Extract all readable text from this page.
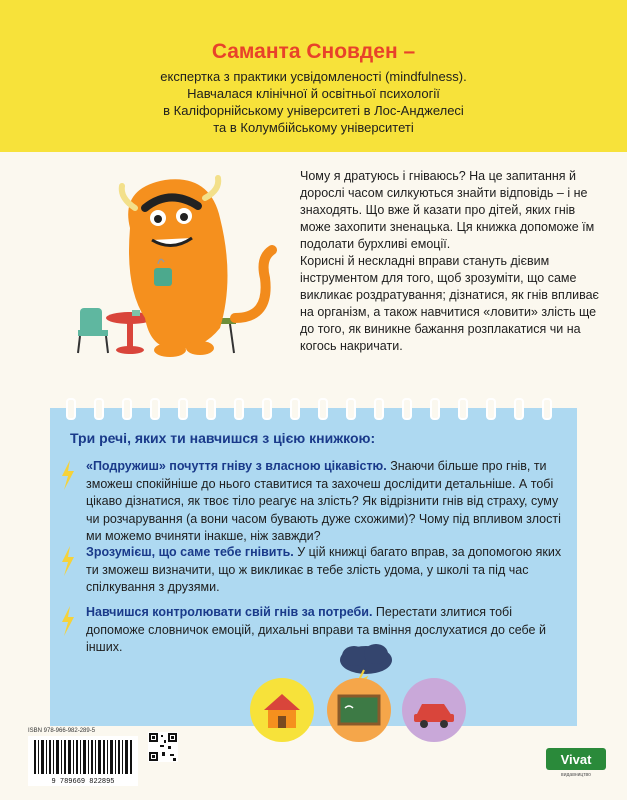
Саманта Сновден –
експертка з практики усвідомленості (mindfulness).
Навчалася клінічної й освітньої психології
в Каліфорнійському університеті в Лос-Анджелесі
та в Колумбійському університеті

Чому я дратуюсь і гніваюсь? На це запитання й дорослі часом силкуються знайти відповідь – і не знаходять. Що вже й казати про дітей, яких гнів може захопити зненацька. Ця книжка допоможе їм подолати бурхливі емоції.

Корисні й нескладні вправи стануть дієвим інструментом для того, щоб зрозуміти, що саме викликає роздратування; дізнатися, як гнів впливає на організм, а також навчитися «ловити» злість ще до того, як виникне бажання розплакатися чи на когось накричати.

Три речі, яких ти навчишся з цією книжкою:
«Подружиш» почуття гніву з власною цікавістю. Знаючи більше про гнів, ти зможеш спокійніше до нього ставитися та захочеш дослідити детальніше. А тобі цікаво дізнатися, як твоє тіло реагує на злість? Як відрізнити гнів від страху, суму чи розчарування (а вони часом бувають дуже схожими)? Чому під впливом злості ми можемо вчиняти інакше, ніж завжди?
Зрозумієш, що саме тебе гнівить. У цій книжці багато вправ, за допомогою яких ти зможеш визначити, що ж викликає в тебе злість удома, у школі та під час спілкування з друзями.
Навчишся контролювати свій гнів за потреби. Перестати злитися тобі допоможе словничок емоцій, дихальні вправи та вміння дослухатися до себе й інших.
ISBN 978-966-982-289-5
9 789669 822895
Vivat
видавництво
